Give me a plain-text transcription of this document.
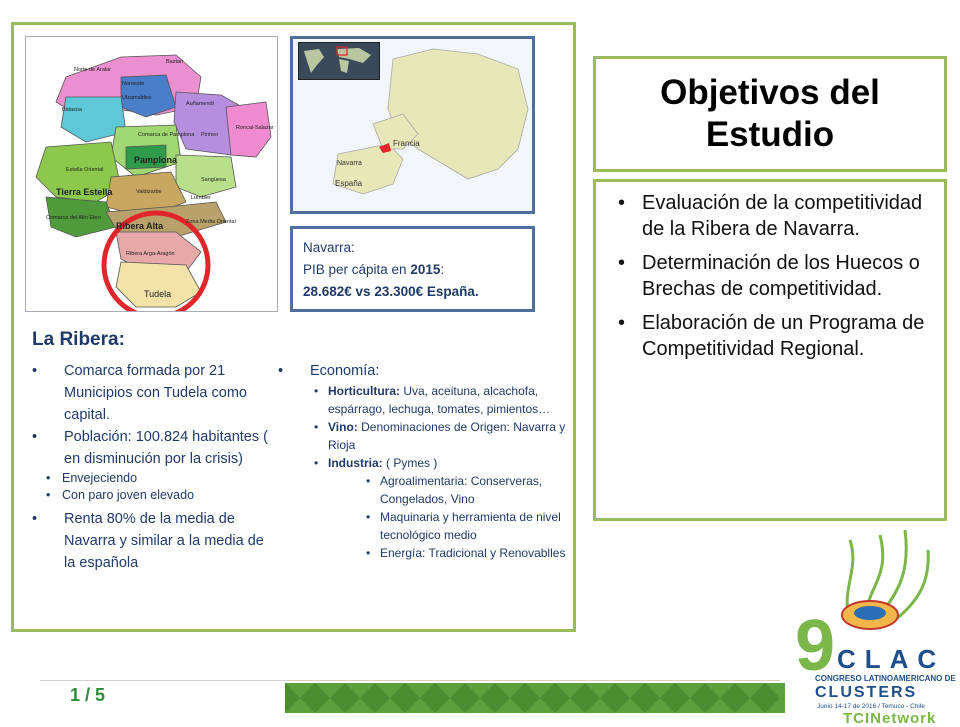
Norte de Aralar
Baztan
Noroeste
Ulzamaldea
Auñamendi
Bidasoa
Comarca de Pamplona
Pamplona
Pirineo
Roncal-Salazar
Estella Oriental
Tierra Estella	Valdizarbe
Sangüesa
Lumbier
Comarca del Alto Ebro
Ribera Alta
Ribera Arga-Aragón
Zona Media Oriental
Tudela
Francia
Navarra
España
Navarra:
PIB per cápita en 2015:
28.682€ vs 23.300€ España.
La Ribera:
• Comarca formada por 21 Municipios con Tudela como capital.
• Población: 100.824 habitantes ( en disminución por la crisis)
• Envejeciendo
• Con paro joven elevado
• Renta 80% de la media de Navarra y similar a la media de la española
• Economía:
• Horticultura: Uva, aceituna, alcachofa, espárrago, lechuga, tomates, pimientos…
• Vino: Denominaciones de Origen: Navarra y Rioja
• Industria: ( Pymes )
• Agroalimentaria: Conserveras, Congelados, Vino
• Maquinaria y herramienta de nivel tecnológico medio
• Energía: Tradicional y Renovablles
Objetivos del Estudio
• Evaluación de la competitividad de la Ribera de Navarra.
• Determinación de los Huecos o Brechas de competitividad.
• Elaboración de un Programa de Competitividad Regional.
9 CLAC
CONGRESO LATINOAMERICANO DE
CLUSTERS
Junio 14-17 de 2016 / Temuco - Chile
TCINetwork
1 / 5
